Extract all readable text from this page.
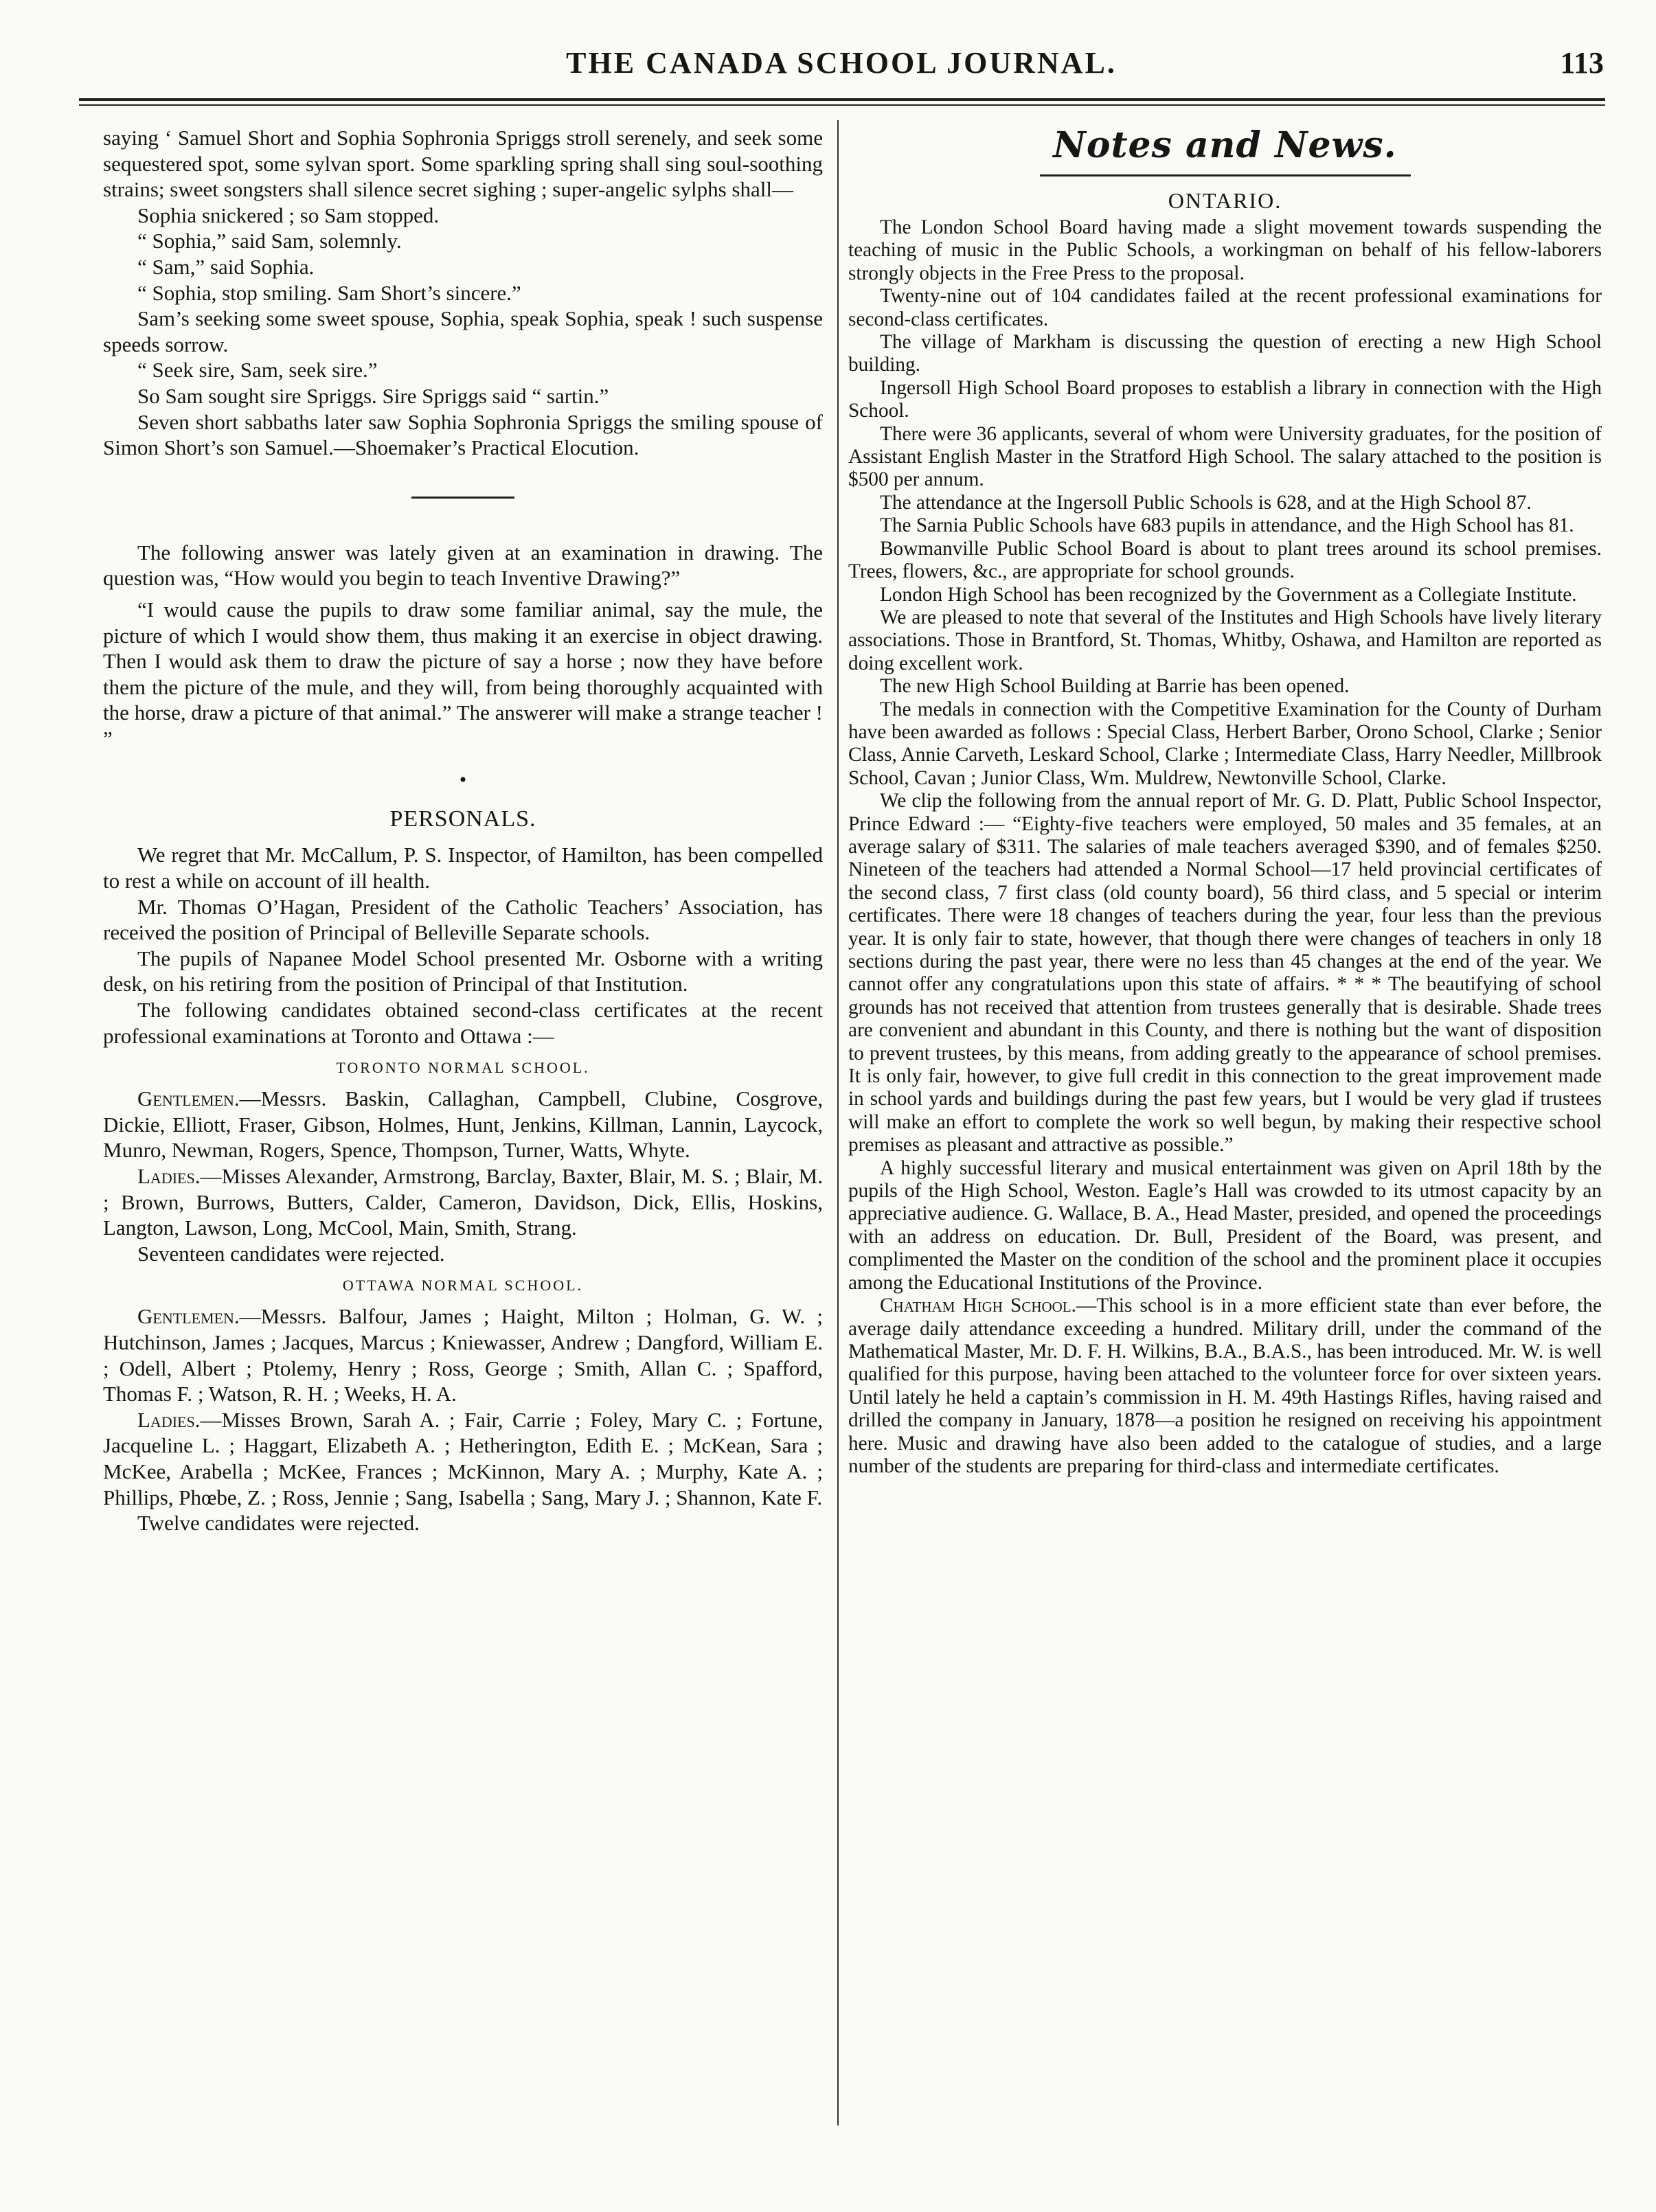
THE CANADA SCHOOL JOURNAL.	113

saying ‘ Samuel Short and Sophia Sophronia Spriggs stroll serenely, and seek some sequestered spot, some sylvan sport. Some sparkling spring shall sing soul-soothing strains; sweet songsters shall silence secret sighing ; super-angelic sylphs shall—

Sophia snickered ; so Sam stopped.

“ Sophia,” said Sam, solemnly.

“ Sam,” said Sophia.

“ Sophia, stop smiling. Sam Short’s sincere.”

Sam’s seeking some sweet spouse, Sophia, speak Sophia, speak ! such suspense speeds sorrow.

“ Seek sire, Sam, seek sire.”

So Sam sought sire Spriggs. Sire Spriggs said “ sartin.”

Seven short sabbaths later saw Sophia Sophronia Spriggs the smiling spouse of Simon Short’s son Samuel.—Shoemaker’s Practical Elocution.

The following answer was lately given at an examination in drawing. The question was, “How would you begin to teach Inventive Drawing?”

“I would cause the pupils to draw some familiar animal, say the mule, the picture of which I would show them, thus making it an exercise in object drawing. Then I would ask them to draw the picture of say a horse ; now they have before them the picture of the mule, and they will, from being thoroughly acquainted with the horse, draw a picture of that animal.” The answerer will make a strange teacher ! ”

•
PERSONALS.

We regret that Mr. McCallum, P. S. Inspector, of Hamilton, has been compelled to rest a while on account of ill health.

Mr. Thomas O’Hagan, President of the Catholic Teachers’ Association, has received the position of Principal of Belleville Separate schools.

The pupils of Napanee Model School presented Mr. Osborne with a writing desk, on his retiring from the position of Principal of that Institution.

The following candidates obtained second-class certificates at the recent professional examinations at Toronto and Ottawa :—

TORONTO NORMAL SCHOOL.

Gentlemen.—Messrs. Baskin, Callaghan, Campbell, Clubine, Cosgrove, Dickie, Elliott, Fraser, Gibson, Holmes, Hunt, Jenkins, Killman, Lannin, Laycock, Munro, Newman, Rogers, Spence, Thompson, Turner, Watts, Whyte.

Ladies.—Misses Alexander, Armstrong, Barclay, Baxter, Blair, M. S. ; Blair, M. ; Brown, Burrows, Butters, Calder, Cameron, Davidson, Dick, Ellis, Hoskins, Langton, Lawson, Long, McCool, Main, Smith, Strang.

Seventeen candidates were rejected.

OTTAWA NORMAL SCHOOL.

Gentlemen.—Messrs. Balfour, James ; Haight, Milton ; Holman, G. W. ; Hutchinson, James ; Jacques, Marcus ; Kniewasser, Andrew ; Dangford, William E. ; Odell, Albert ; Ptolemy, Henry ; Ross, George ; Smith, Allan C. ; Spafford, Thomas F. ; Watson, R. H. ; Weeks, H. A.

Ladies.—Misses Brown, Sarah A. ; Fair, Carrie ; Foley, Mary C. ; Fortune, Jacqueline L. ; Haggart, Elizabeth A. ; Hetherington, Edith E. ; McKean, Sara ; McKee, Arabella ; McKee, Frances ; McKinnon, Mary A. ; Murphy, Kate A. ; Phillips, Phœbe, Z. ; Ross, Jennie ; Sang, Isabella ; Sang, Mary J. ; Shannon, Kate F.

Twelve candidates were rejected.

Notes and News.
ONTARIO.

The London School Board having made a slight movement towards suspending the teaching of music in the Public Schools, a workingman on behalf of his fellow-laborers strongly objects in the Free Press to the proposal.

Twenty-nine out of 104 candidates failed at the recent professional examinations for second-class certificates.

The village of Markham is discussing the question of erecting a new High School building.

Ingersoll High School Board proposes to establish a library in connection with the High School.

There were 36 applicants, several of whom were University graduates, for the position of Assistant English Master in the Stratford High School. The salary attached to the position is $500 per annum.

The attendance at the Ingersoll Public Schools is 628, and at the High School 87.

The Sarnia Public Schools have 683 pupils in attendance, and the High School has 81.

Bowmanville Public School Board is about to plant trees around its school premises. Trees, flowers, &c., are appropriate for school grounds.

London High School has been recognized by the Government as a Collegiate Institute.

We are pleased to note that several of the Institutes and High Schools have lively literary associations. Those in Brantford, St. Thomas, Whitby, Oshawa, and Hamilton are reported as doing excellent work.

The new High School Building at Barrie has been opened.

The medals in connection with the Competitive Examination for the County of Durham have been awarded as follows : Special Class, Herbert Barber, Orono School, Clarke ; Senior Class, Annie Carveth, Leskard School, Clarke ; Intermediate Class, Harry Needler, Millbrook School, Cavan ; Junior Class, Wm. Muldrew, Newtonville School, Clarke.

We clip the following from the annual report of Mr. G. D. Platt, Public School Inspector, Prince Edward :— “Eighty-five teachers were employed, 50 males and 35 females, at an average salary of $311. The salaries of male teachers averaged $390, and of females $250. Nineteen of the teachers had attended a Normal School—17 held provincial certificates of the second class, 7 first class (old county board), 56 third class, and 5 special or interim certificates. There were 18 changes of teachers during the year, four less than the previous year. It is only fair to state, however, that though there were changes of teachers in only 18 sections during the past year, there were no less than 45 changes at the end of the year. We cannot offer any congratulations upon this state of affairs. * * * The beautifying of school grounds has not received that attention from trustees generally that is desirable. Shade trees are convenient and abundant in this County, and there is nothing but the want of disposition to prevent trustees, by this means, from adding greatly to the appearance of school premises. It is only fair, however, to give full credit in this connection to the great improvement made in school yards and buildings during the past few years, but I would be very glad if trustees will make an effort to complete the work so well begun, by making their respective school premises as pleasant and attractive as possible.”

A highly successful literary and musical entertainment was given on April 18th by the pupils of the High School, Weston. Eagle’s Hall was crowded to its utmost capacity by an appreciative audience. G. Wallace, B. A., Head Master, presided, and opened the proceedings with an address on education. Dr. Bull, President of the Board, was present, and complimented the Master on the condition of the school and the prominent place it occupies among the Educational Institutions of the Province.

Chatham High School.—This school is in a more efficient state than ever before, the average daily attendance exceeding a hundred. Military drill, under the command of the Mathematical Master, Mr. D. F. H. Wilkins, B.A., B.A.S., has been introduced. Mr. W. is well qualified for this purpose, having been attached to the volunteer force for over sixteen years. Until lately he held a captain’s commission in H. M. 49th Hastings Rifles, having raised and drilled the company in January, 1878—a position he resigned on receiving his appointment here. Music and drawing have also been added to the catalogue of studies, and a large number of the students are preparing for third-class and intermediate certificates.
